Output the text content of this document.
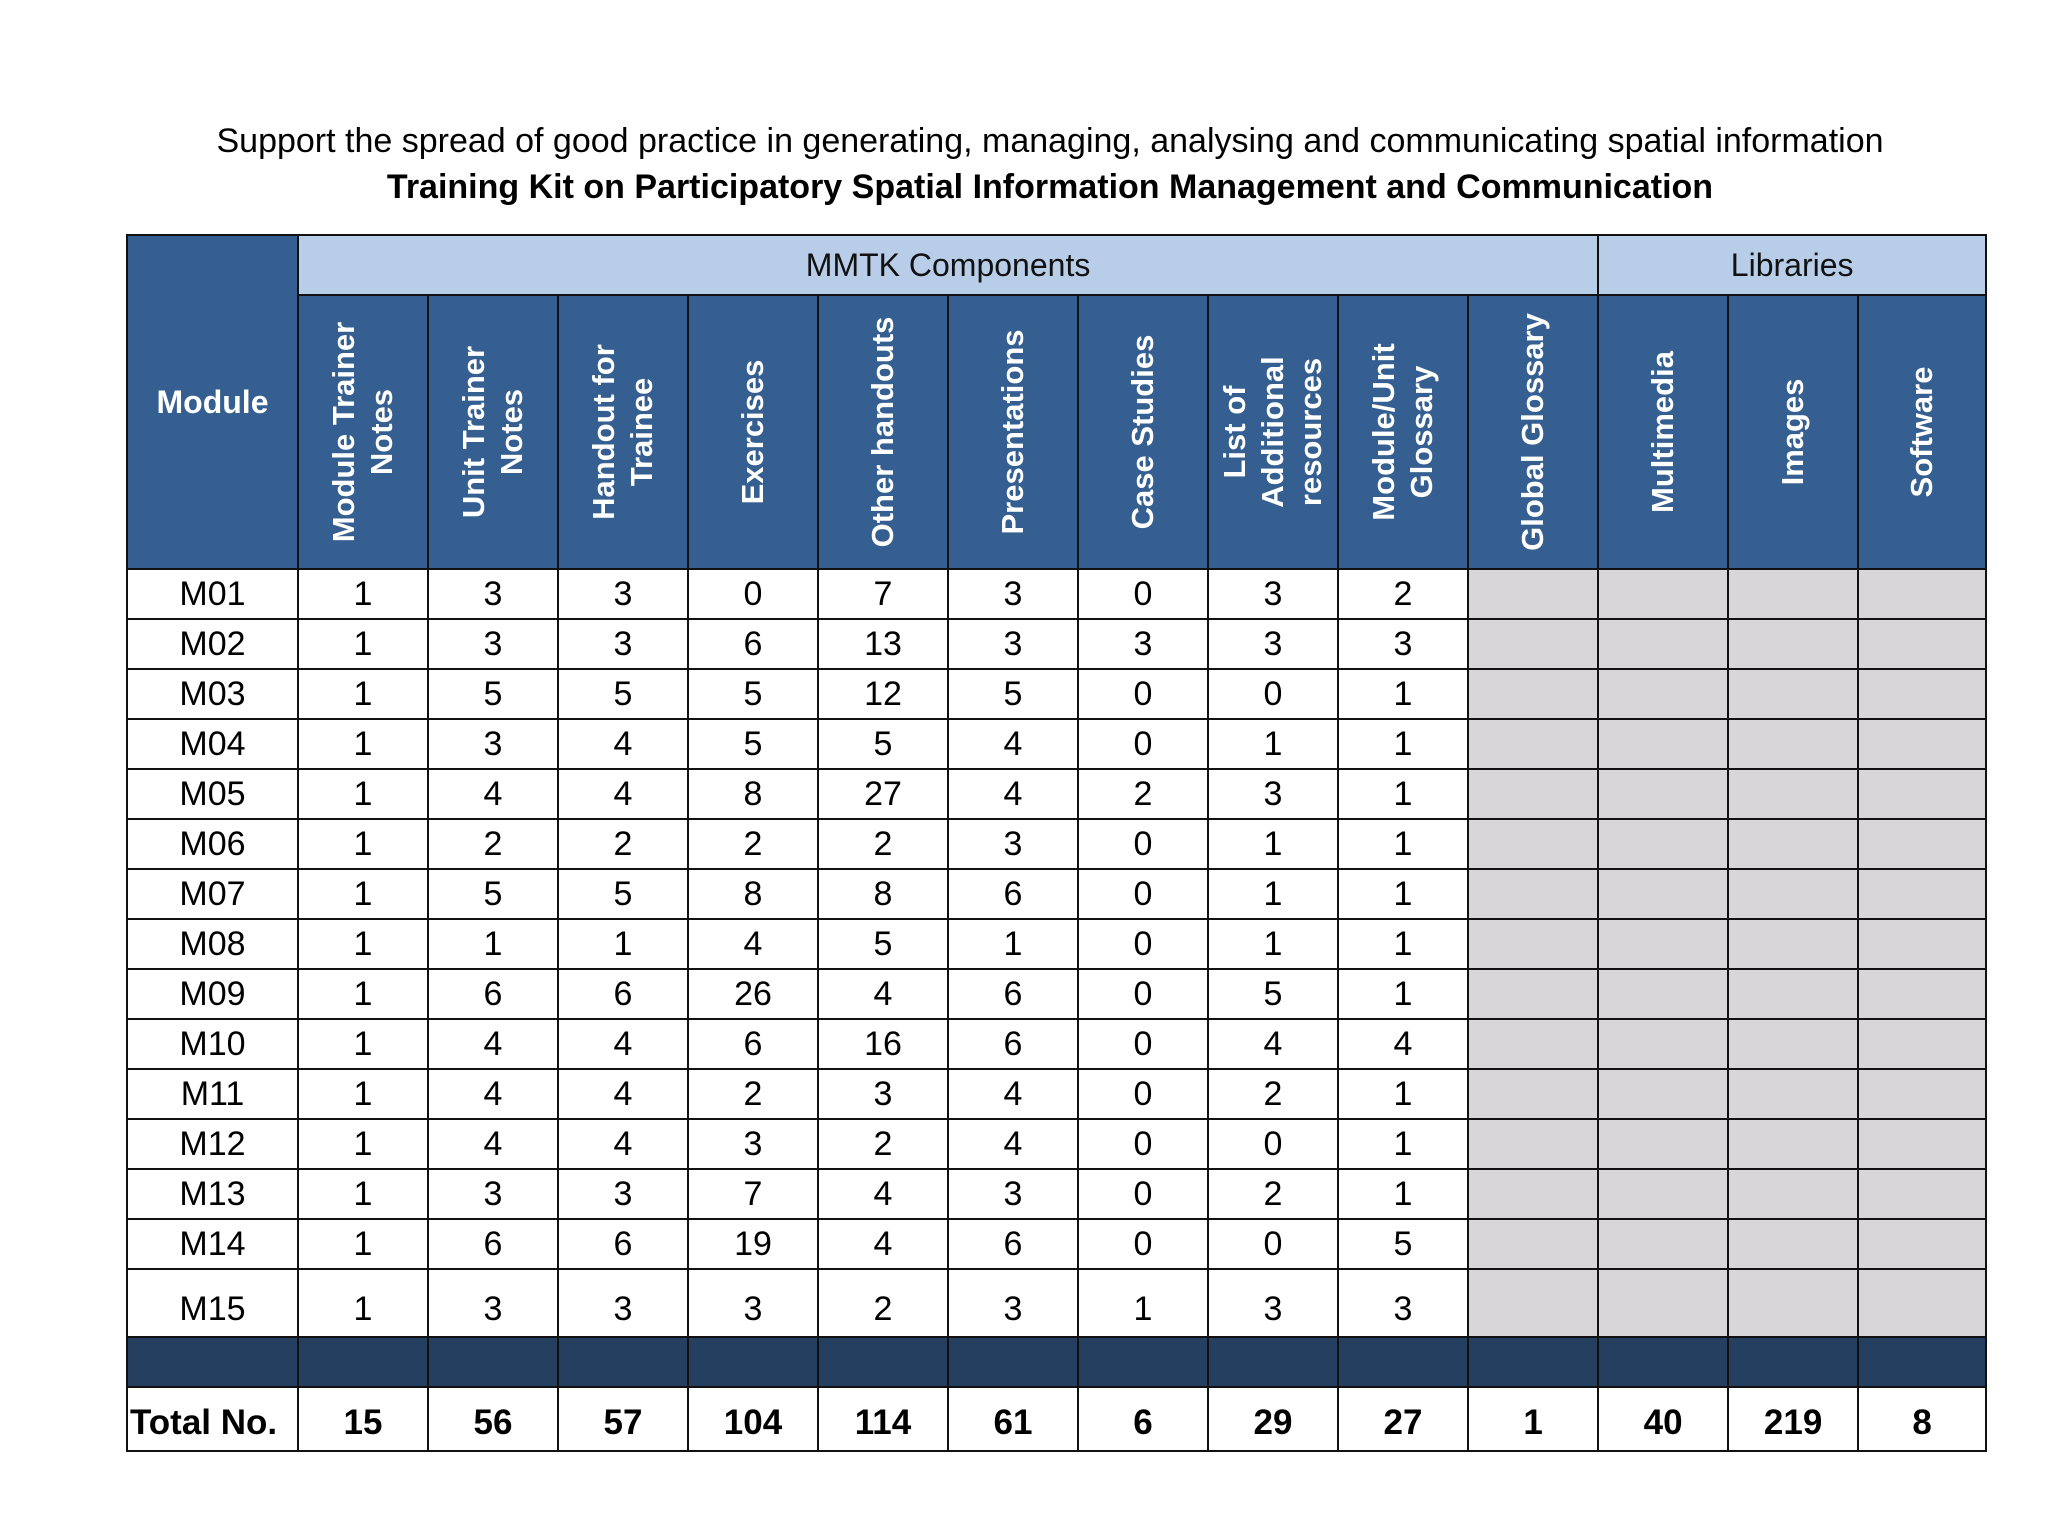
Support the spread of good practice in generating, managing, analysing and communicating spatial information
Training Kit on Participatory Spatial Information Management and Communication
Module	MMTK Components										Libraries		

	Module Trainer Notes	Unit Trainer Notes	Handout for Trainee	Exercises	Other handouts	Presentations	Case Studies	List of Additional resources	Module/Unit Glossary	Global Glossary	Multimedia	Images	Software

M01	1	3	3	0	7	3	0	3	2				
M02	1	3	3	6	13	3	3	3	3				
M03	1	5	5	5	12	5	0	0	1				
M04	1	3	4	5	5	4	0	1	1				
M05	1	4	4	8	27	4	2	3	1				
M06	1	2	2	2	2	3	0	1	1				
M07	1	5	5	8	8	6	0	1	1				
M08	1	1	1	4	5	1	0	1	1				
M09	1	6	6	26	4	6	0	5	1				
M10	1	4	4	6	16	6	0	4	4				
M11	1	4	4	2	3	4	0	2	1				
M12	1	4	4	3	2	4	0	0	1				
M13	1	3	3	7	4	3	0	2	1				
M14	1	6	6	19	4	6	0	0	5				
M15	1	3	3	3	2	3	1	3	3				

Total No.	15	56	57	104	114	61	6	29	27	1	40	219	8
